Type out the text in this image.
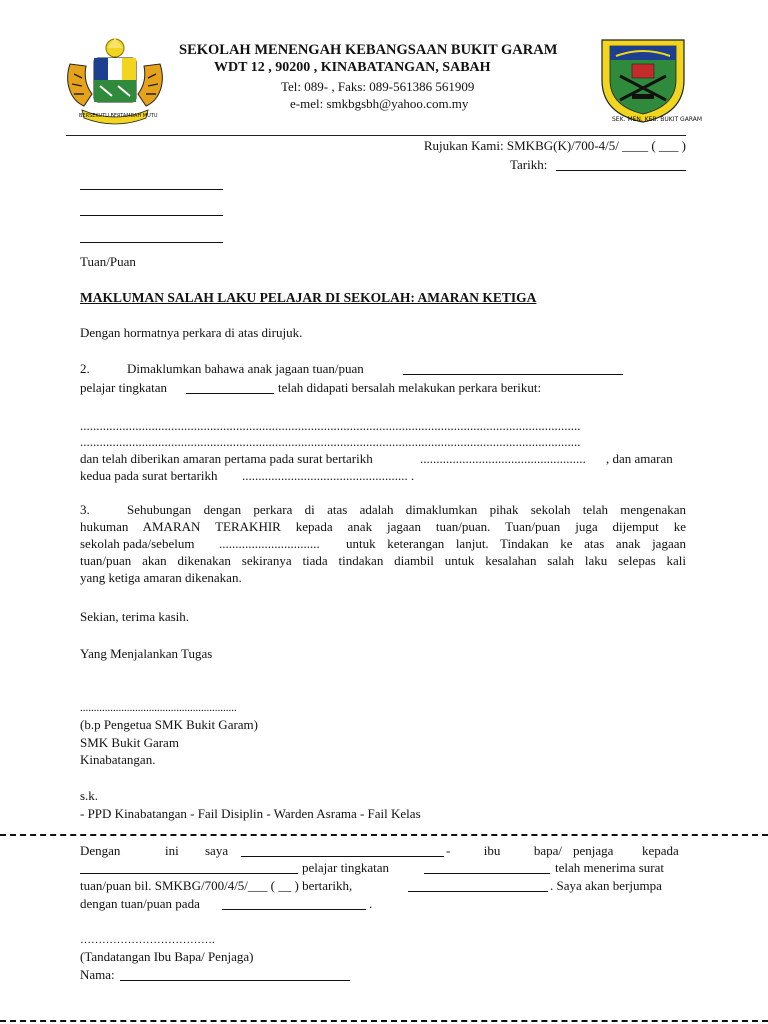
BERSEKUTU BERTAMBAH MUTU
SEKOLAH MENENGAH KEBANGSAAN BUKIT GARAM
WDT 12 , 90200 , KINABATANGAN, SABAH
Tel: 089- , Faks: 089-561386 561909
e-mel: smkbgsbh@yahoo.com.my
SEK. MEN. KEB. BUKIT GARAM
Rujukan Kami: SMKBG(K)/700-4/5/ ____ ( ___ )
Tarikh:
Tuan/Puan
MAKLUMAN SALAH LAKU PELAJAR DI SEKOLAH: AMARAN KETIGA
Dengan hormatnya perkara di atas dirujuk.
2.	Dimaklumkan bahawa anak jagaan tuan/puan
pelajar tingkatan	telah didapati bersalah melakukan perkara berikut:
..........................................................................................................................................................
..........................................................................................................................................................
dan telah diberikan amaran pertama pada surat bertarikh	................................................... , dan amaran
kedua pada surat bertarikh ................................................... .
3.	Sehubungan dengan perkara di atas adalah dimaklumkan pihak sekolah telah mengenakan
hukuman AMARAN TERAKHIR kepada anak jagaan tuan/puan. Tuan/puan juga dijemput ke
sekolah pada/sebelum ............................... untuk keterangan lanjut. Tindakan ke atas anak jagaan
tuan/puan akan dikenakan sekiranya tiada tindakan diambil untuk kesalahan salah laku selepas kali
yang ketiga amaran dikenakan.
Sekian, terima kasih.
Yang Menjalankan Tugas
.........................................................
(b.p Pengetua SMK Bukit Garam)
SMK Bukit Garam
Kinabatangan.
s.k.
- PPD Kinabatangan - Fail Disiplin - Warden Asrama - Fail Kelas
Dengan	ini saya	- ibu bapa/ penjaga kepada
pelajar tingkatan	telah menerima surat
tuan/puan bil. SMKBG/700/4/5/___ ( __ ) bertarikh,	. Saya akan berjumpa
dengan tuan/puan pada	.
……………………………….
(Tandatangan Ibu Bapa/ Penjaga)
Nama:
